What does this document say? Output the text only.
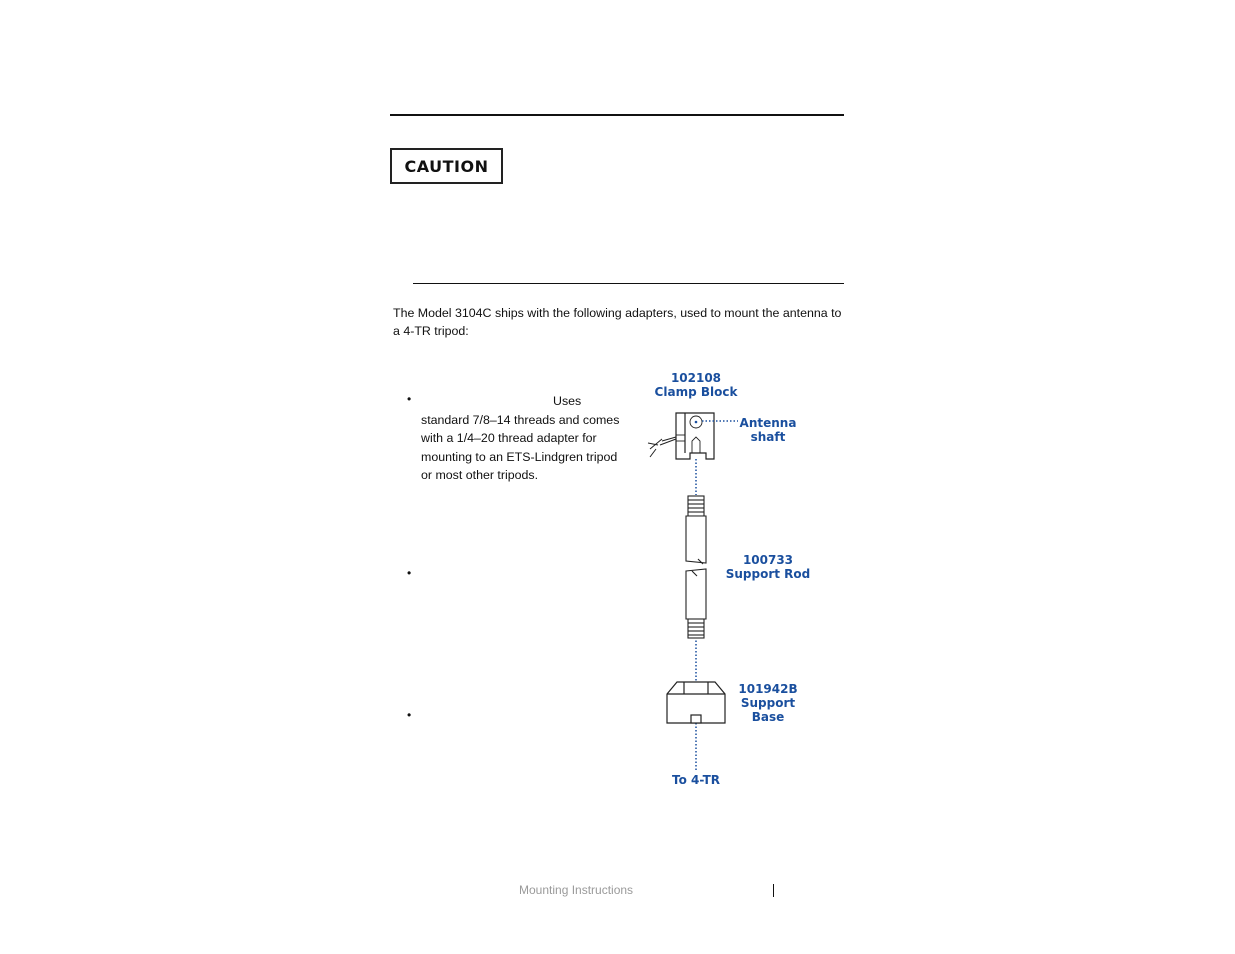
CAUTION

The Model 3104C ships with the following adapters, used to mount the antenna to a 4-TR tripod:

•
•
•
Uses standard 7/8–14 threads and comes with a 1/4–20 thread adapter for mounting to an ETS-Lindgren tripod or most other tripods.
102108
Clamp Block
Antenna
shaft
100733
Support Rod
101942B
Support
Base
To 4-TR
Mounting Instructions
